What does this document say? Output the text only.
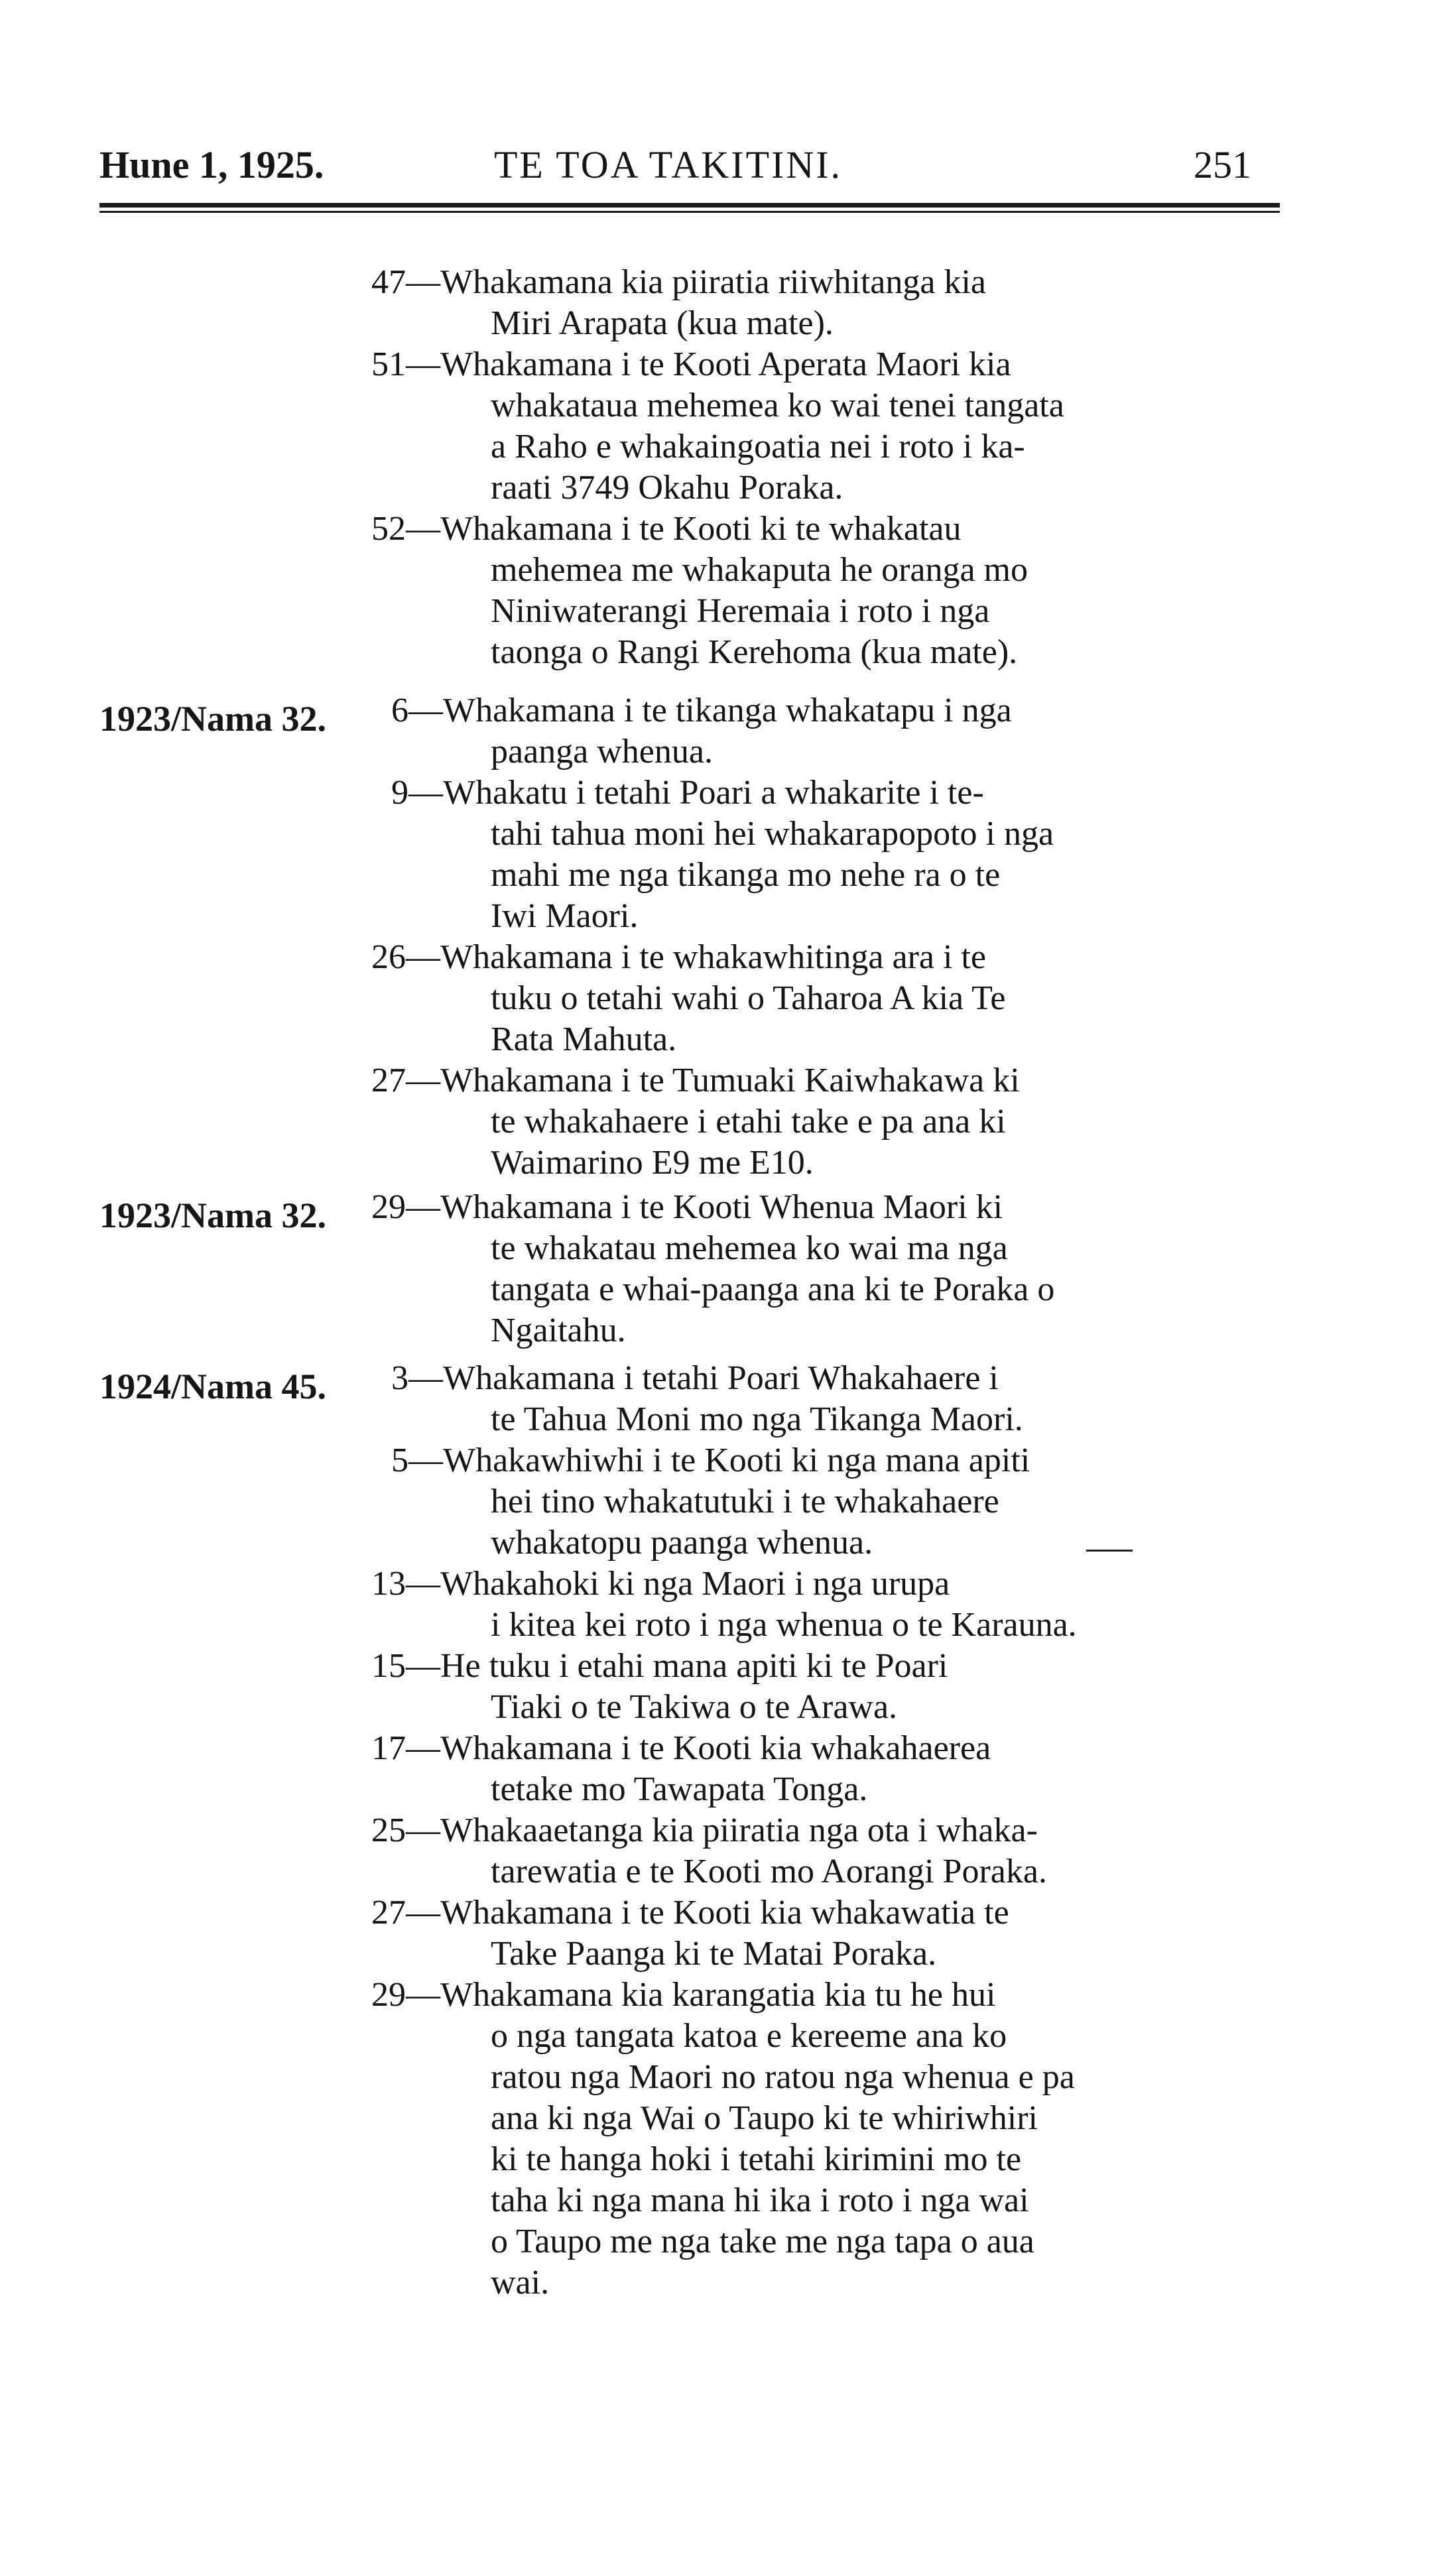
Hune 1, 1925.	TE TOA TAKITINI.	251
1923/Nama 32.
1923/Nama 32.
1924/Nama 45.
47—Whakamana kia piiratia riiwhitanga kia
Miri Arapata (kua mate).
51—Whakamana i te Kooti Aperata Maori kia
whakataua mehemea ko wai tenei tangata
a Raho e whakaingoatia nei i roto i ka-
raati 3749 Okahu Poraka.
52—Whakamana i te Kooti ki te whakatau
mehemea me whakaputa he oranga mo
Niniwaterangi Heremaia i roto i nga
taonga o Rangi Kerehoma (kua mate).
6—Whakamana i te tikanga whakatapu i nga
paanga whenua.
9—Whakatu i tetahi Poari a whakarite i te-
tahi tahua moni hei whakarapopoto i nga
mahi me nga tikanga mo nehe ra o te
Iwi Maori.
26—Whakamana i te whakawhitinga ara i te
tuku o tetahi wahi o Taharoa A kia Te
Rata Mahuta.
27—Whakamana i te Tumuaki Kaiwhakawa ki
te whakahaere i etahi take e pa ana ki
Waimarino E9 me E10.
29—Whakamana i te Kooti Whenua Maori ki
te whakatau mehemea ko wai ma nga
tangata e whai-paanga ana ki te Poraka o
Ngaitahu.
3—Whakamana i tetahi Poari Whakahaere i
te Tahua Moni mo nga Tikanga Maori.
5—Whakawhiwhi i te Kooti ki nga mana apiti
hei tino whakatutuki i te whakahaere
whakatopu paanga whenua.
13—Whakahoki ki nga Maori i nga urupa
i kitea kei roto i nga whenua o te Karauna.
15—He tuku i etahi mana apiti ki te Poari
Tiaki o te Takiwa o te Arawa.
17—Whakamana i te Kooti kia whakahaerea
tetake mo Tawapata Tonga.
25—Whakaaetanga kia piiratia nga ota i whaka-
tarewatia e te Kooti mo Aorangi Poraka.
27—Whakamana i te Kooti kia whakawatia te
Take Paanga ki te Matai Poraka.
29—Whakamana kia karangatia kia tu he hui
o nga tangata katoa e kereeme ana ko
ratou nga Maori no ratou nga whenua e pa
ana ki nga Wai o Taupo ki te whiriwhiri
ki te hanga hoki i tetahi kirimini mo te
taha ki nga mana hi ika i roto i nga wai
o Taupo me nga take me nga tapa o aua
wai.
